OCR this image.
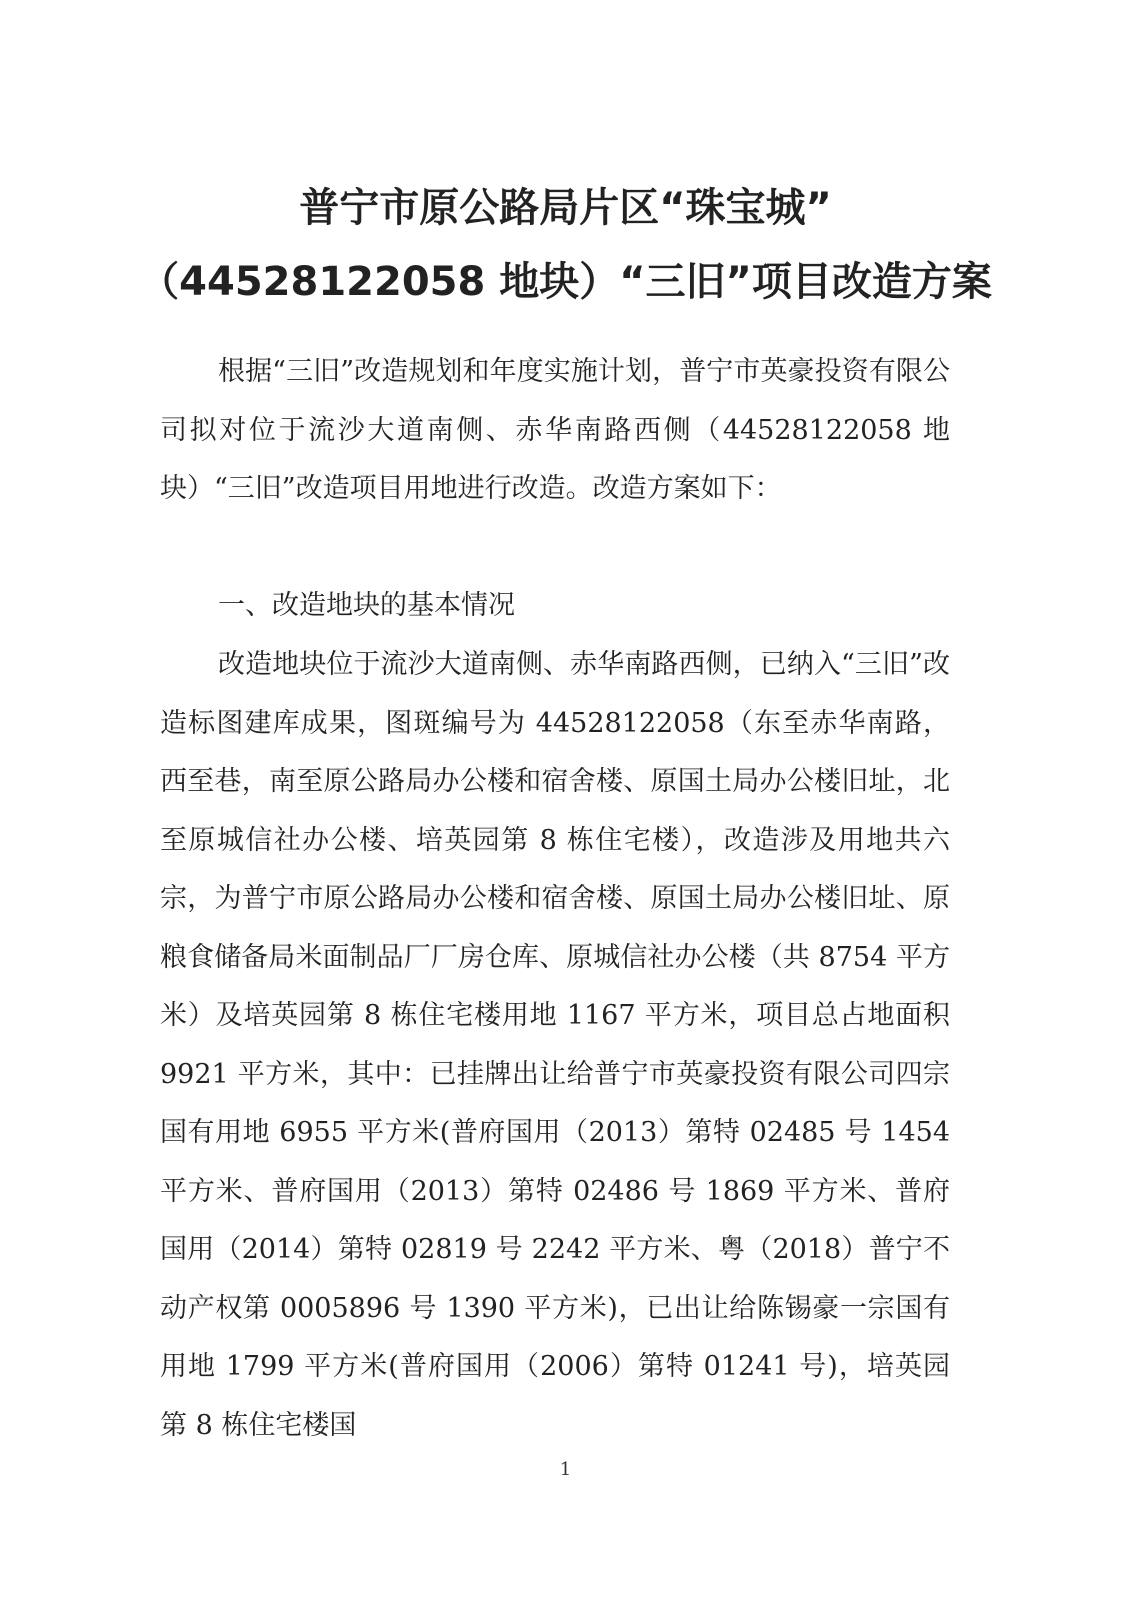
普宁市原公路局片区“珠宝城”
（44528122058 地块）“三旧”项目改造方案

根据“三旧”改造规划和年度实施计划，普宁市英豪投资有限公司拟对位于流沙大道南侧、赤华南路西侧（44528122058 地块）“三旧”改造项目用地进行改造。改造方案如下：

一、改造地块的基本情况

改造地块位于流沙大道南侧、赤华南路西侧，已纳入“三旧”改造标图建库成果，图斑编号为 44528122058（东至赤华南路，西至巷，南至原公路局办公楼和宿舍楼、原国土局办公楼旧址，北至原城信社办公楼、培英园第 8 栋住宅楼），改造涉及用地共六宗，为普宁市原公路局办公楼和宿舍楼、原国土局办公楼旧址、原粮食储备局米面制品厂厂房仓库、原城信社办公楼（共 8754 平方米）及培英园第 8 栋住宅楼用地 1167 平方米，项目总占地面积 9921 平方米，其中：已挂牌出让给普宁市英豪投资有限公司四宗国有用地 6955 平方米(普府国用（2013）第特 02485 号 1454 平方米、普府国用（2013）第特 02486 号 1869 平方米、普府国用（2014）第特 02819 号 2242 平方米、粤（2018）普宁不动产权第 0005896 号 1390 平方米)，已出让给陈锡豪一宗国有用地 1799 平方米(普府国用（2006）第特 01241 号)，培英园第 8 栋住宅楼国

1
